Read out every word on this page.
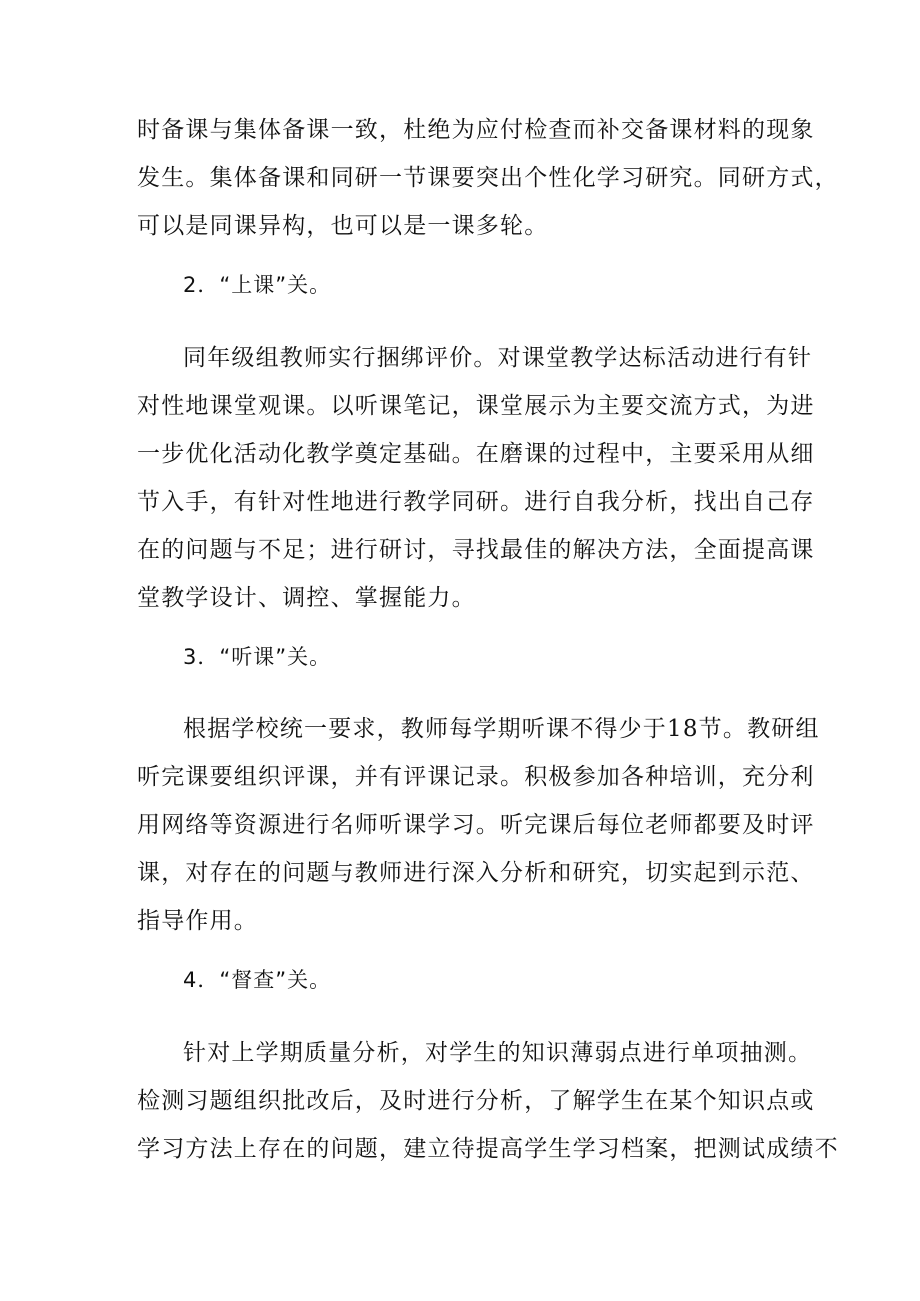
时备课与集体备课一致，杜绝为应付检查而补交备课材料的现象
发生。集体备课和同研一节课要突出个性化学习研究。同研方式，
可以是同课异构，也可以是一课多轮。
2．“上课”关。
同年级组教师实行捆绑评价。对课堂教学达标活动进行有针
对性地课堂观课。以听课笔记，课堂展示为主要交流方式，为进
一步优化活动化教学奠定基础。在磨课的过程中，主要采用从细
节入手，有针对性地进行教学同研。进行自我分析，找出自己存
在的问题与不足；进行研讨，寻找最佳的解决方法，全面提高课
堂教学设计、调控、掌握能力。
3．“听课”关。
根据学校统一要求，教师每学期听课不得少于18节。教研组
听完课要组织评课，并有评课记录。积极参加各种培训，充分利
用网络等资源进行名师听课学习。听完课后每位老师都要及时评
课，对存在的问题与教师进行深入分析和研究，切实起到示范、
指导作用。
4．“督查”关。
针对上学期质量分析，对学生的知识薄弱点进行单项抽测。
检测习题组织批改后，及时进行分析，了解学生在某个知识点或
学习方法上存在的问题，建立待提高学生学习档案，把测试成绩不
